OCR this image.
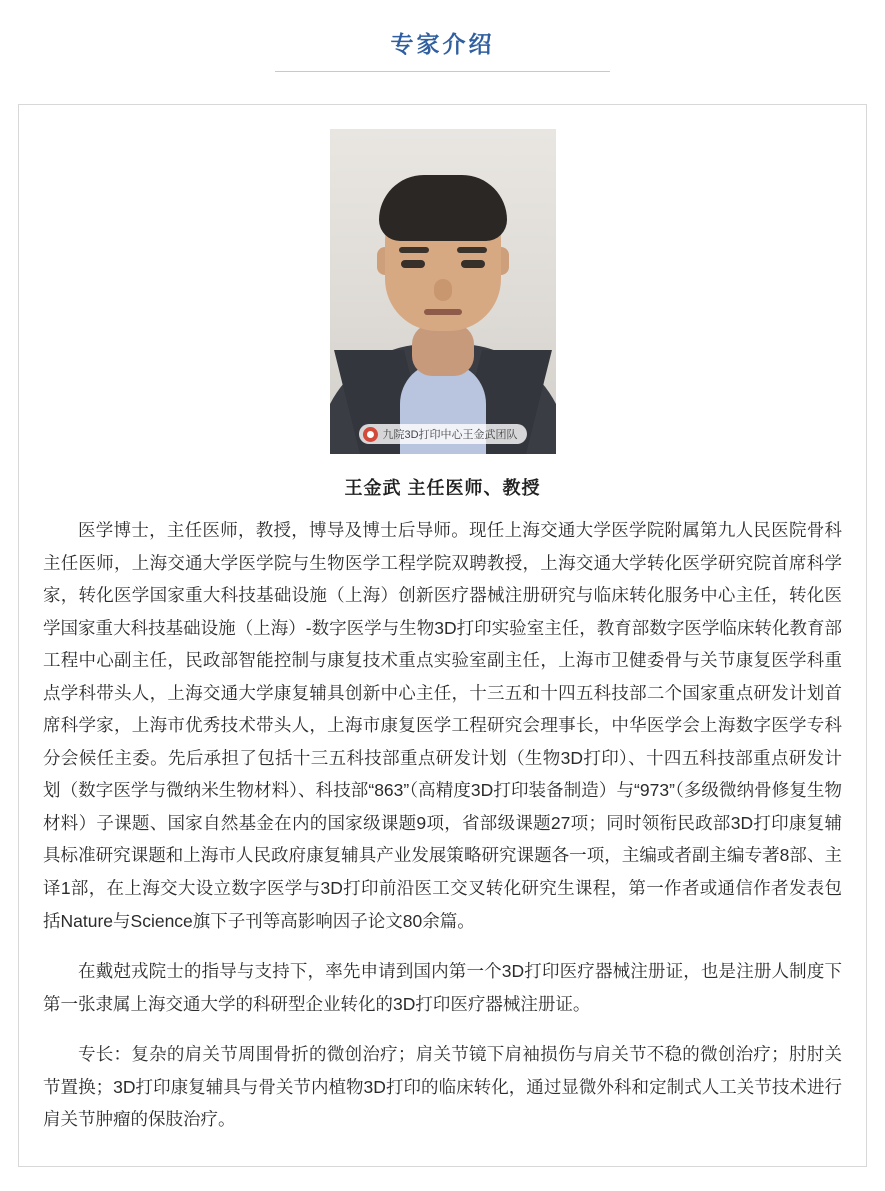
专家介绍
九院3D打印中心王金武团队
王金武 主任医师、教授

医学博士，主任医师，教授，博导及博士后导师。现任上海交通大学医学院附属第九人民医院骨科主任医师，上海交通大学医学院与生物医学工程学院双聘教授，上海交通大学转化医学研究院首席科学家，转化医学国家重大科技基础设施（上海）创新医疗器械注册研究与临床转化服务中心主任，转化医学国家重大科技基础设施（上海）-数字医学与生物3D打印实验室主任，教育部数字医学临床转化教育部工程中心副主任，民政部智能控制与康复技术重点实验室副主任，上海市卫健委骨与关节康复医学科重点学科带头人，上海交通大学康复辅具创新中心主任，十三五和十四五科技部二个国家重点研发计划首席科学家，上海市优秀技术带头人，上海市康复医学工程研究会理事长，中华医学会上海数字医学专科分会候任主委。先后承担了包括十三五科技部重点研发计划（生物3D打印）、十四五科技部重点研发计划（数字医学与微纳米生物材料）、科技部“863”（高精度3D打印装备制造）与“973”（多级微纳骨修复生物材料）子课题、国家自然基金在内的国家级课题9项，省部级课题27项；同时领衔民政部3D打印康复辅具标准研究课题和上海市人民政府康复辅具产业发展策略研究课题各一项，主编或者副主编专著8部、主译1部，在上海交大设立数字医学与3D打印前沿医工交叉转化研究生课程，第一作者或通信作者发表包括Nature与Science旗下子刊等高影响因子论文80余篇。

在戴尅戎院士的指导与支持下，率先申请到国内第一个3D打印医疗器械注册证，也是注册人制度下第一张隶属上海交通大学的科研型企业转化的3D打印医疗器械注册证。

专长：复杂的肩关节周围骨折的微创治疗；肩关节镜下肩袖损伤与肩关节不稳的微创治疗；肘肘关节置换；3D打印康复辅具与骨关节内植物3D打印的临床转化，通过显微外科和定制式人工关节技术进行肩关节肿瘤的保肢治疗。
